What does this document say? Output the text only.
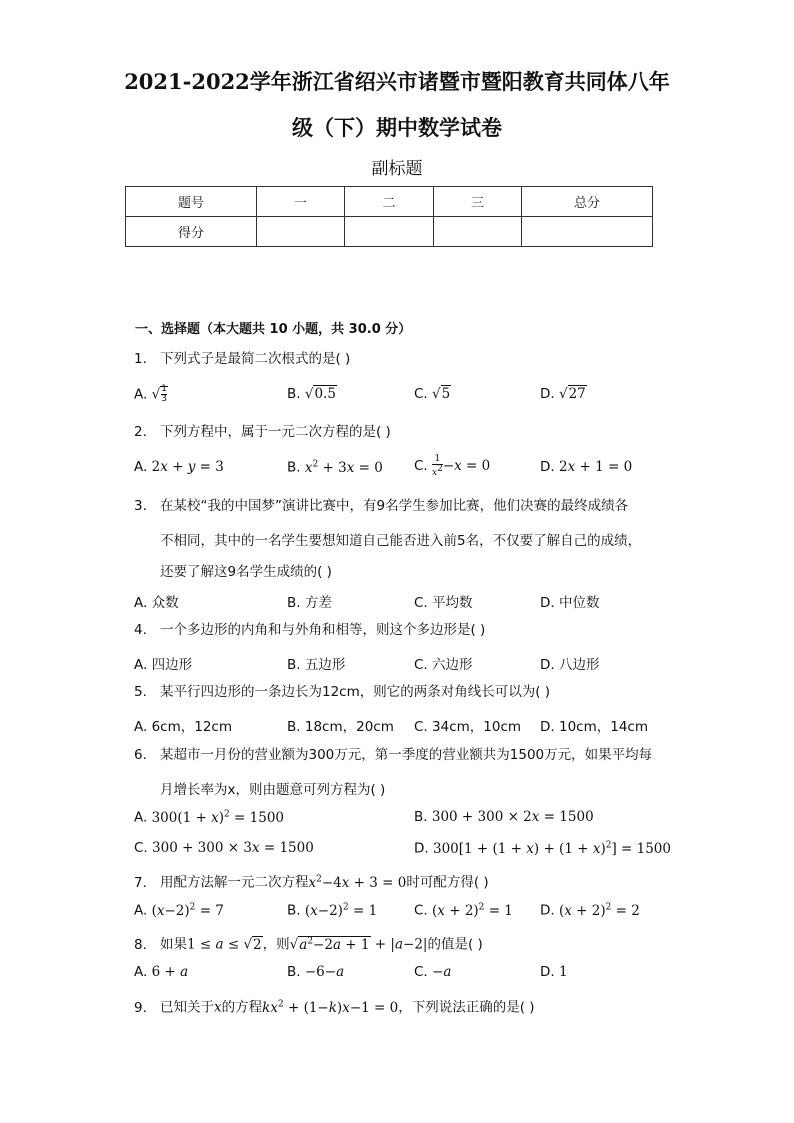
2021-2022学年浙江省绍兴市诸暨市暨阳教育共同体八年
级（下）期中数学试卷
副标题
题号	一	二	三	总分
得分				
一、选择题（本大题共 10 小题，共 30.0 分）
1. 下列式子是最简二次根式的是( )
A. √ $\frac{1}{3}$	B. √0.5	C. √5	D. √27
2. 下列方程中，属于一元二次方程的是( )
A. 2x + y = 3	B. $x^2 + 3x = 0$ C. $\frac{1}{x^2} -x = 0$	D. 2x + 1 = 0
3. 在某校“我的中国梦”演讲比赛中，有9名学生参加比赛，他们决赛的最终成绩各
不相同，其中的一名学生要想知道自己能否进入前5名，不仅要了解自己的成绩，
还要了解这9名学生成绩的( )
A. 众数	B. 方差	C. 平均数	D. 中位数
4. 一个多边形的内角和与外角和相等，则这个多边形是( )
A. 四边形	B. 五边形	C. 六边形	D. 八边形
5. 某平行四边形的一条边长为12cm，则它的两条对角线长可以为( )
A. 6cm，12cm	B. 18cm，20cm C. 34cm，10cm D. 10cm，14cm
6. 某超市一月份的营业额为300万元，第一季度的营业额共为1500万元，如果平均每
月增长率为x，则由题意可列方程为( )
A. $300(1 + x)^2 = 1500$	B. 300 + 300 × 2x = 1500
C. 300 + 300 × 3x = 1500	D. $300[1 + (1 + x) + (1 + x)^2] = 1500$
7. 用配方法解一元二次方程$x^2-4x + 3 = 0$时可配方得( )
A. $(x-2)^2 = 7$	B. $(x-2)^2 = 1$	C. $(x + 2)^2 = 1$ D. $(x + 2)^2 = 2$
8. 如果1 ≤ a ≤ √2，则$√a^2-2a + 1 + |a-2|$的值是( )
A. 6 + a	B. −6−a	C. −a	D. 1
9. 已知关于x的方程$kx^2 + (1-k)x-1 = 0$，下列说法正确的是( )
